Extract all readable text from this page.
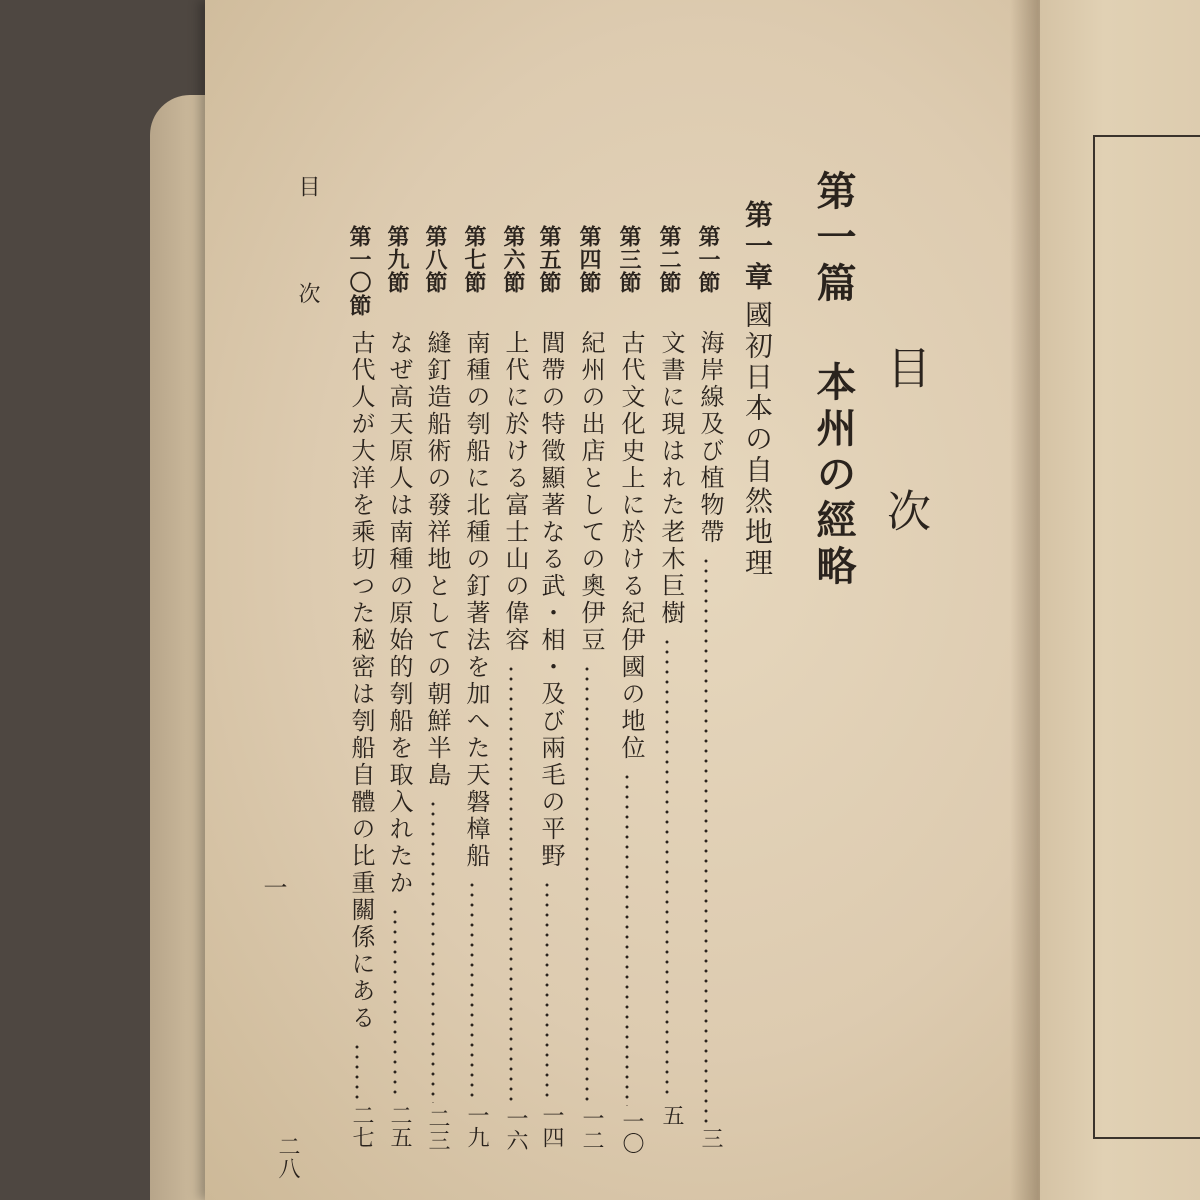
目 次
第一篇 本州の經略
第一章
國初日本の自然地理
第一節
海岸線及び植物帶
三
第二節
文書に現はれた老木巨樹
五
第三節
古代文化史上に於ける紀伊國の地位
一〇
第四節
紀州の出店としての奧伊豆
一二
第五節
閭帶の特徵顯著なる武・相・及び兩毛の平野
一四
第六節
上代に於ける富士山の偉容
一六
第七節
南種の刳船に北種の釘著法を加へた天磐樟船
一九
第八節
縫釘造船術の發祥地としての朝鮮半島
二三
第九節
なぜ高天原人は南種の原始的刳船を取入れたか
二五
第一〇節
古代人が大洋を乘切つた秘密は刳船自體の比重關係にある
二七
目 次
一
二八
